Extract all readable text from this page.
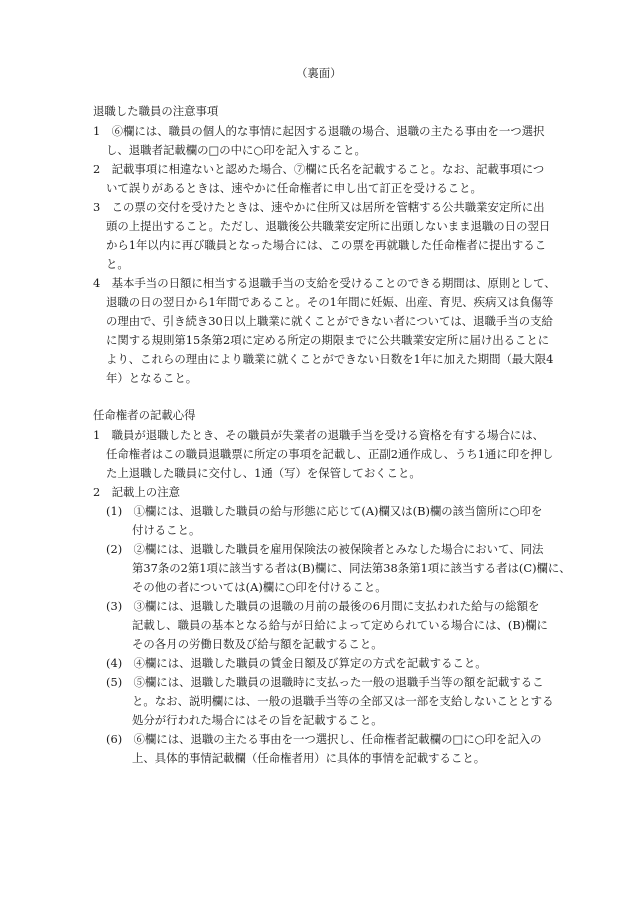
（裏面）
退職した職員の注意事項
1　⑥欄には、職員の個人的な事情に起因する退職の場合、退職の主たる事由を一つ選択
し、退職者記載欄の□の中に○印を記入すること。
2　記載事項に相違ないと認めた場合、⑦欄に氏名を記載すること。なお、記載事項につ
いて誤りがあるときは、速やかに任命権者に申し出て訂正を受けること。
3　この票の交付を受けたときは、速やかに住所又は居所を管轄する公共職業安定所に出
頭の上提出すること。ただし、退職後公共職業安定所に出頭しないまま退職の日の翌日
から1年以内に再び職員となった場合には、この票を再就職した任命権者に提出するこ
と。
4　基本手当の日額に相当する退職手当の支給を受けることのできる期間は、原則として、
退職の日の翌日から1年間であること。その1年間に妊娠、出産、育児、疾病又は負傷等
の理由で、引き続き30日以上職業に就くことができない者については、退職手当の支給
に関する規則第15条第2項に定める所定の期限までに公共職業安定所に届け出ることに
より、これらの理由により職業に就くことができない日数を1年に加えた期間（最大限4
年）となること。
任命権者の記載心得
1　職員が退職したとき、その職員が失業者の退職手当を受ける資格を有する場合には、
任命権者はこの職員退職票に所定の事項を記載し、正副2通作成し、うち1通に印を押し
た上退職した職員に交付し、1通（写）を保管しておくこと。
2　記載上の注意
(1)　①欄には、退職した職員の給与形態に応じて(A)欄又は(B)欄の該当箇所に○印を
付けること。
(2)　②欄には、退職した職員を雇用保険法の被保険者とみなした場合において、同法
第37条の2第1項に該当する者は(B)欄に、同法第38条第1項に該当する者は(C)欄に、
その他の者については(A)欄に○印を付けること。
(3)　③欄には、退職した職員の退職の月前の最後の6月間に支払われた給与の総額を
記載し、職員の基本となる給与が日給によって定められている場合には、(B)欄に
その各月の労働日数及び給与額を記載すること。
(4)　④欄には、退職した職員の賃金日額及び算定の方式を記載すること。
(5)　⑤欄には、退職した職員の退職時に支払った一般の退職手当等の額を記載するこ
と。なお、説明欄には、一般の退職手当等の全部又は一部を支給しないこととする
処分が行われた場合にはその旨を記載すること。
(6)　⑥欄には、退職の主たる事由を一つ選択し、任命権者記載欄の□に○印を記入の
上、具体的事情記載欄（任命権者用）に具体的事情を記載すること。
